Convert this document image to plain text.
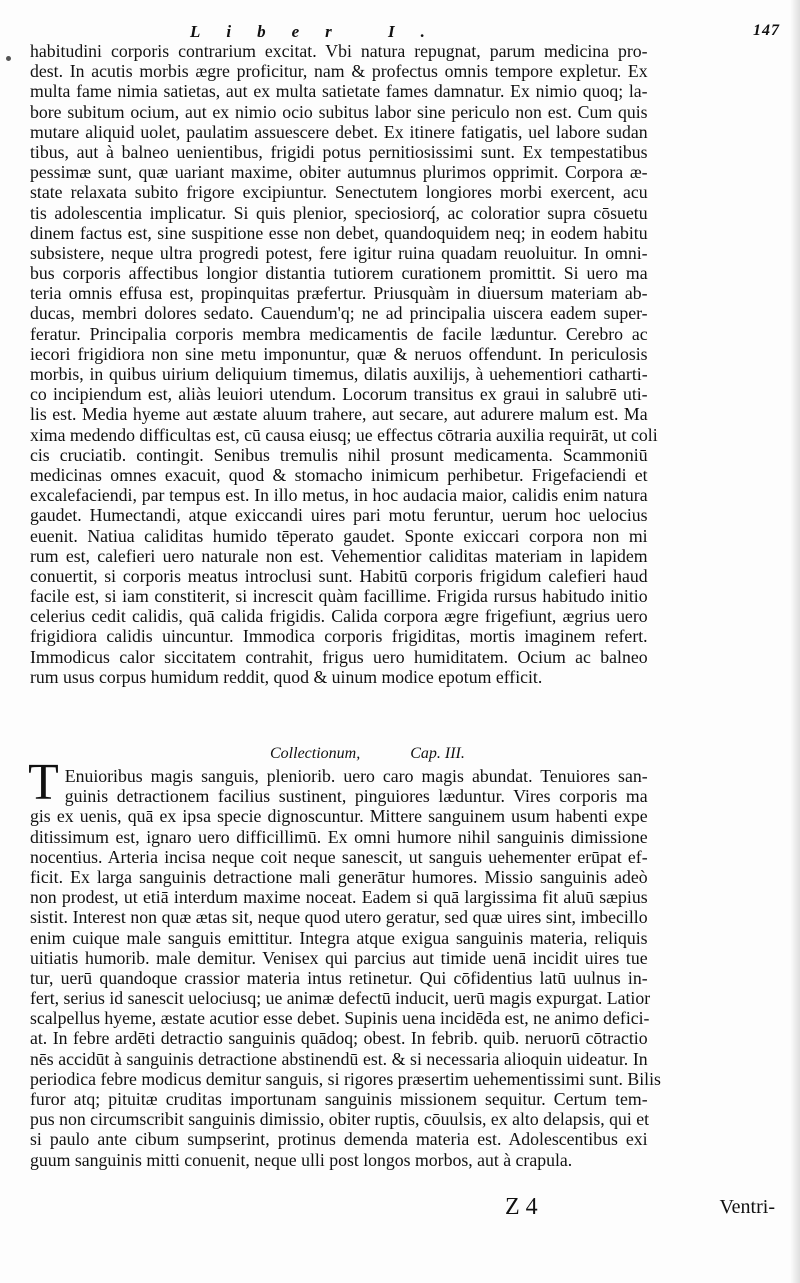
Liber I.	147
habitudini corporis contrarium excitat. Vbi natura repugnat, parum medicina pro-
dest. In acutis morbis ægre proficitur, nam & profectus omnis tempore expletur. Ex
multa fame nimia satietas, aut ex multa satietate fames damnatur. Ex nimio quoq; la-
bore subitum ocium, aut ex nimio ocio subitus labor sine periculo non est. Cum quis
mutare aliquid uolet, paulatim assuescere debet. Ex itinere fatigatis, uel labore sudan
tibus, aut à balneo uenientibus, frigidi potus pernitiosissimi sunt. Ex tempestatibus
pessimæ sunt, quæ uariant maxime, obiter autumnus plurimos opprimit. Corpora æ-
state relaxata subito frigore excipiuntur. Senectutem longiores morbi exercent, acu
tis adolescentia implicatur. Si quis plenior, speciosiorq́, ac coloratior supra cōsuetu
dinem factus est, sine suspitione esse non debet, quandoquidem neq; in eodem habitu
subsistere, neque ultra progredi potest, fere igitur ruina quadam reuoluitur. In omni-
bus corporis affectibus longior distantia tutiorem curationem promittit. Si uero ma
teria omnis effusa est, propinquitas præfertur. Priusquàm in diuersum materiam ab-
ducas, membri dolores sedato. Cauendum'q; ne ad principalia uiscera eadem super-
feratur. Principalia corporis membra medicamentis de facile læduntur. Cerebro ac
iecori frigidiora non sine metu imponuntur, quæ & neruos offendunt. In periculosis
morbis, in quibus uirium deliquium timemus, dilatis auxilijs, à uehementiori catharti-
co incipiendum est, aliàs leuiori utendum. Locorum transitus ex graui in salubrē uti-
lis est. Media hyeme aut æstate aluum trahere, aut secare, aut adurere malum est. Ma
xima medendo difficultas est, cū causa eiusq; ue effectus cōtraria auxilia requirāt, ut coli
cis cruciatib. contingit. Senibus tremulis nihil prosunt medicamenta. Scammoniū
medicinas omnes exacuit, quod & stomacho inimicum perhibetur. Frigefaciendi et
excalefaciendi, par tempus est. In illo metus, in hoc audacia maior, calidis enim natura
gaudet. Humectandi, atque exiccandi uires pari motu feruntur, uerum hoc uelocius
euenit. Natiua caliditas humido tēperato gaudet. Sponte exiccari corpora non mi
rum est, calefieri uero naturale non est. Vehementior caliditas materiam in lapidem
conuertit, si corporis meatus introclusi sunt. Habitū corporis frigidum calefieri haud
facile est, si iam constiterit, si increscit quàm facillime. Frigida rursus habitudo initio
celerius cedit calidis, quā calida frigidis. Calida corpora ægre frigefiunt, ægrius uero
frigidiora calidis uincuntur. Immodica corporis frigiditas, mortis imaginem refert.
Immodicus calor siccitatem contrahit, frigus uero humiditatem. Ocium ac balneo
rum usus corpus humidum reddit, quod & uinum modice epotum efficit.
Collectionum,	Cap. III.
T Enuioribus magis sanguis, pleniorib. uero caro magis abundat. Tenuiores san-
guinis detractionem facilius sustinent, pinguiores læduntur. Vires corporis ma
gis ex uenis, quā ex ipsa specie dignoscuntur. Mittere sanguinem usum habenti expe
ditissimum est, ignaro uero difficillimū. Ex omni humore nihil sanguinis dimissione
nocentius. Arteria incisa neque coit neque sanescit, ut sanguis uehementer erūpat ef-
ficit. Ex larga sanguinis detractione mali generātur humores. Missio sanguinis adeò
non prodest, ut etiā interdum maxime noceat. Eadem si quā largissima fit aluū sæpius
sistit. Interest non quæ ætas sit, neque quod utero geratur, sed quæ uires sint, imbecillo
enim cuique male sanguis emittitur. Integra atque exigua sanguinis materia, reliquis
uitiatis humorib. male demitur. Venisex qui parcius aut timide uenā incidit uires tue
tur, uerū quandoque crassior materia intus retinetur. Qui cōfidentius latū uulnus in-
fert, serius id sanescit uelociusq; ue animæ defectū inducit, uerū magis expurgat. Latior
scalpellus hyeme, æstate acutior esse debet. Supinis uena incidēda est, ne animo defici-
at. In febre ardēti detractio sanguinis quādoq; obest. In febrib. quib. neruorū cōtractio
nēs accidūt à sanguinis detractione abstinendū est. & si necessaria alioquin uideatur. In
periodica febre modicus demitur sanguis, si rigores præsertim uehementissimi sunt. Bilis
furor atq; pituitæ cruditas importunam sanguinis missionem sequitur. Certum tem-
pus non circumscribit sanguinis dimissio, obiter ruptis, cōuulsis, ex alto delapsis, qui et
si paulo ante cibum sumpserint, protinus demenda materia est. Adolescentibus exi
guum sanguinis mitti conuenit, neque ulli post longos morbos, aut à crapula.
Z 4	Ventri-
